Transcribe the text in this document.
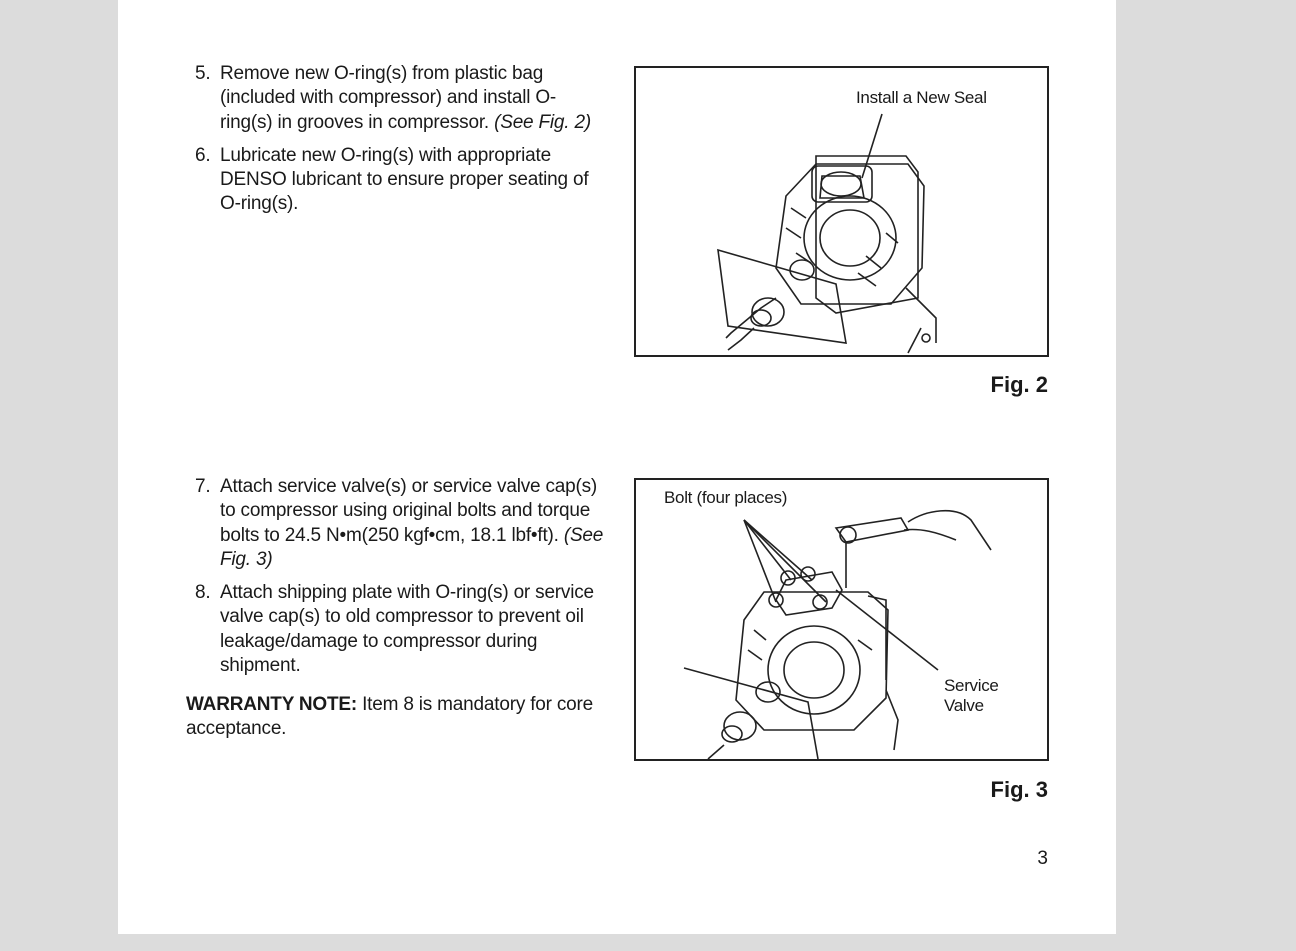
5. Remove new O-ring(s) from plastic bag (included with compressor) and install O-ring(s) in grooves in compressor. (See Fig. 2)
6. Lubricate new O-ring(s) with appropriate DENSO lubricant to ensure proper seating of O-ring(s).
Install a New Seal
Fig. 2
7. Attach service valve(s) or service valve cap(s) to compressor using original bolts and torque bolts to 24.5 N•m(250 kgf•cm, 18.1 lbf•ft). (See Fig. 3)
8. Attach shipping plate with O-ring(s) or service valve cap(s) to old compressor to prevent oil leakage/damage to compressor during shipment.
WARRANTY NOTE: Item 8 is mandatory for core acceptance.
Bolt (four places)
Service
Valve
Fig. 3
3
